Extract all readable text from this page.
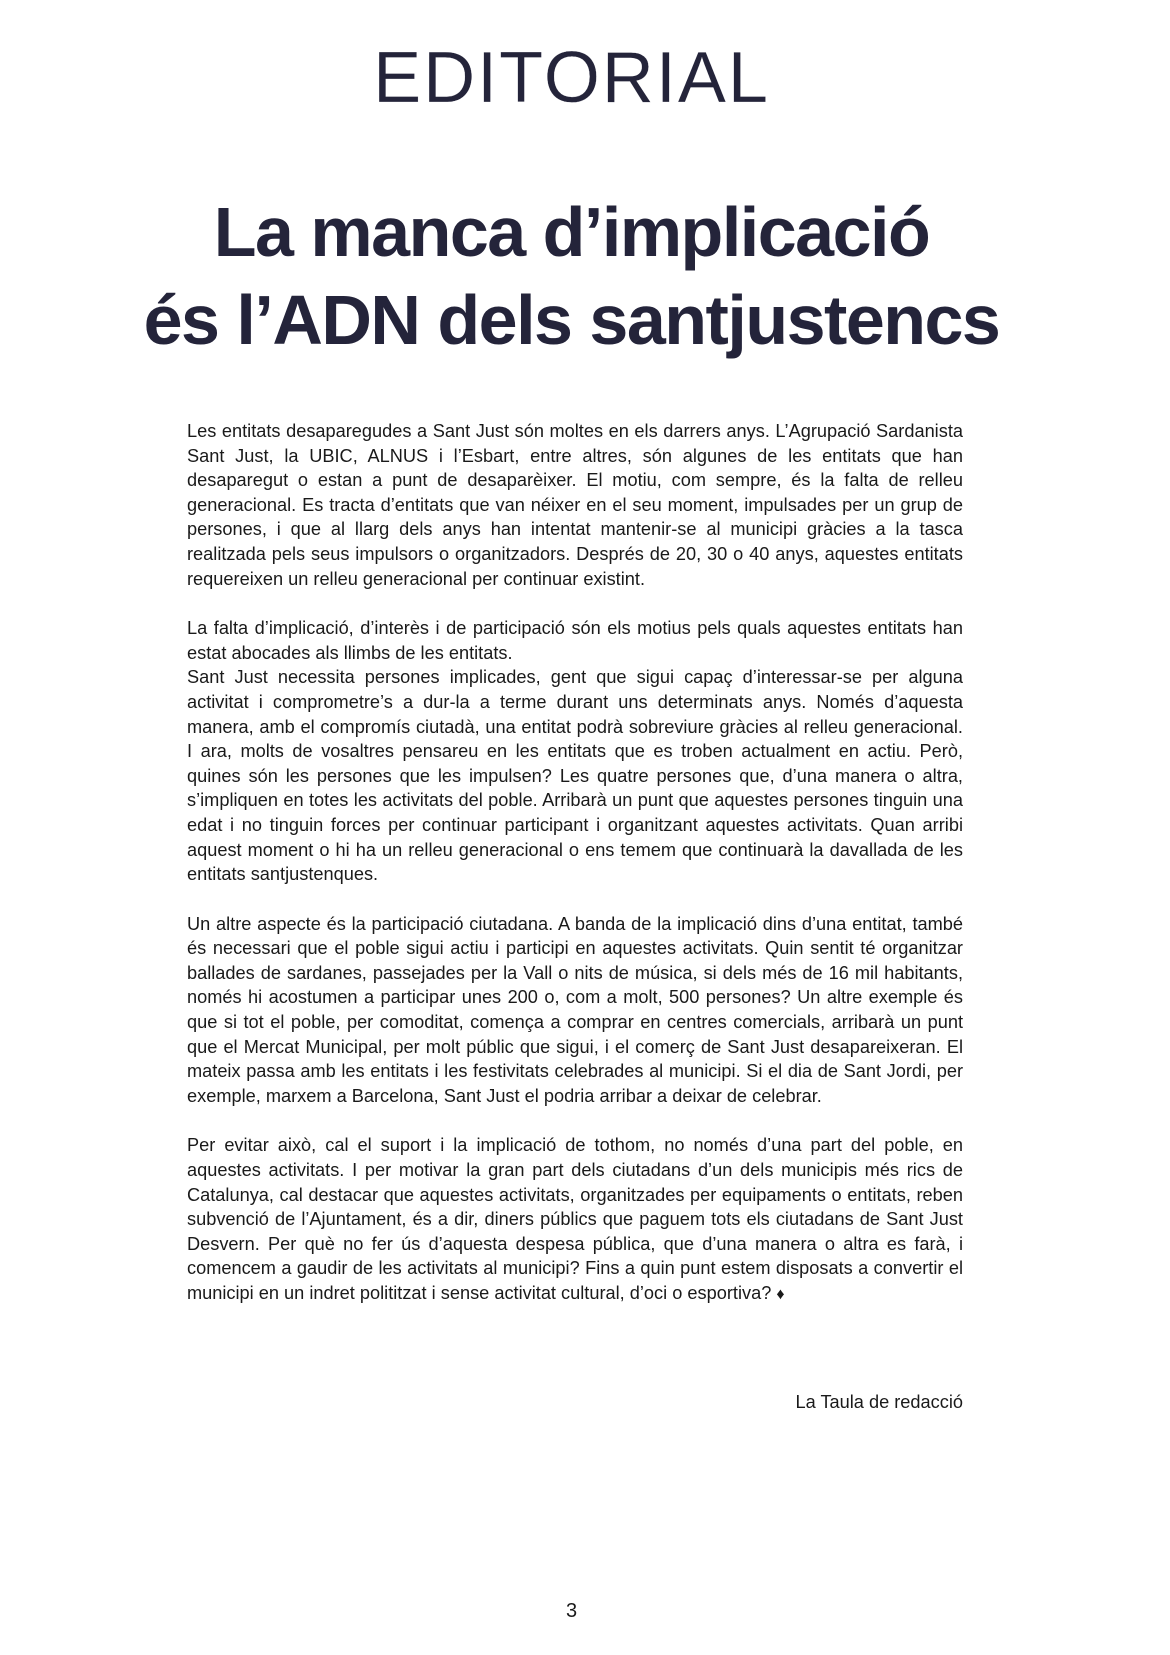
EDITORIAL
La manca d’implicació
és l’ADN dels santjustencs

Les entitats desaparegudes a Sant Just són moltes en els darrers anys. L’Agrupació Sardanista Sant Just, la UBIC, ALNUS i l’Esbart, entre altres, són algunes de les entitats que han desaparegut o estan a punt de desaparèixer. El motiu, com sempre, és la falta de relleu generacional. Es tracta d’entitats que van néixer en el seu moment, impulsades per un grup de persones, i que al llarg dels anys han intentat mantenir-se al municipi gràcies a la tasca realitzada pels seus impulsors o organitzadors. Després de 20, 30 o 40 anys, aquestes entitats requereixen un relleu generacional per continuar existint.

La falta d’implicació, d’interès i de participació són els motius pels quals aquestes entitats han estat abocades als llimbs de les entitats.

Sant Just necessita persones implicades, gent que sigui capaç d’interessar-se per alguna activitat i comprometre’s a dur-la a terme durant uns determinats anys. Només d’aquesta manera, amb el compromís ciutadà, una entitat podrà sobreviure gràcies al relleu generacional. I ara, molts de vosaltres pensareu en les entitats que es troben actualment en actiu. Però, quines són les persones que les impulsen? Les quatre persones que, d’una manera o altra, s’impliquen en totes les activitats del poble. Arribarà un punt que aquestes persones tinguin una edat i no tinguin forces per continuar participant i organitzant aquestes activitats. Quan arribi aquest moment o hi ha un relleu generacional o ens temem que continuarà la davallada de les entitats santjustenques.

Un altre aspecte és la participació ciutadana. A banda de la implicació dins d’una entitat, també és necessari que el poble sigui actiu i participi en aquestes activitats. Quin sentit té organitzar ballades de sardanes, passejades per la Vall o nits de música, si dels més de 16 mil habitants, només hi acostumen a participar unes 200 o, com a molt, 500 persones? Un altre exemple és que si tot el poble, per comoditat, comença a comprar en centres comercials, arribarà un punt que el Mercat Municipal, per molt públic que sigui, i el comerç de Sant Just desapareixeran. El mateix passa amb les entitats i les festivitats celebrades al municipi. Si el dia de Sant Jordi, per exemple, marxem a Barcelona, Sant Just el podria arribar a deixar de celebrar.

Per evitar això, cal el suport i la implicació de tothom, no només d’una part del poble, en aquestes activitats. I per motivar la gran part dels ciutadans d’un dels municipis més rics de Catalunya, cal destacar que aquestes activitats, organitzades per equipaments o entitats, reben subvenció de l’Ajuntament, és a dir, diners públics que paguem tots els ciutadans de Sant Just Desvern. Per què no fer ús d’aquesta despesa pública, que d’una manera o altra es farà, i comencem a gaudir de les activitats al municipi? Fins a quin punt estem disposats a convertir el municipi en un indret polititzat i sense activitat cultural, d’oci o esportiva? ♦

La Taula de redacció
3
